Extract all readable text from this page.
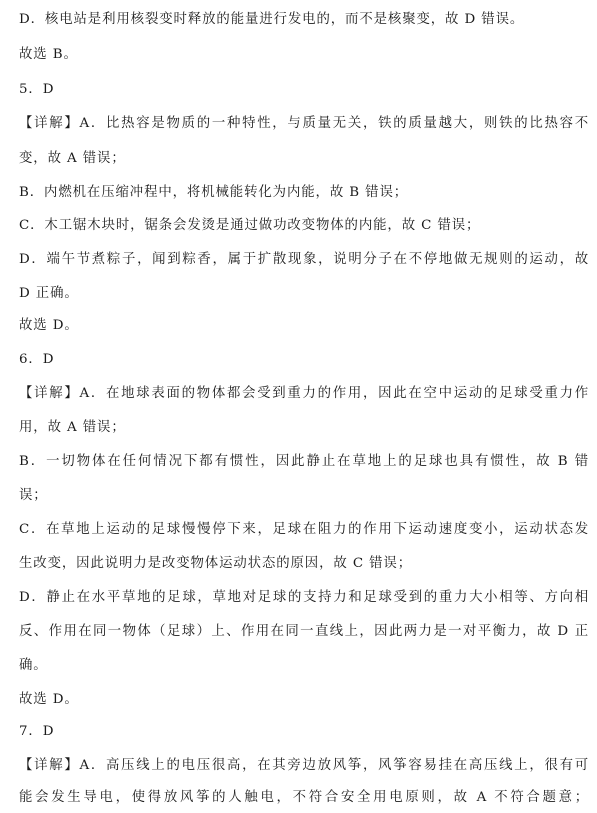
D．核电站是利用核裂变时释放的能量进行发电的，而不是核聚变，故 D 错误。
故选 B。
5．D
【详解】A．比热容是物质的一种特性，与质量无关，铁的质量越大，则铁的比热容不
变，故 A 错误；
B．内燃机在压缩冲程中，将机械能转化为内能，故 B 错误；
C．木工锯木块时，锯条会发烫是通过做功改变物体的内能，故 C 错误；
D．端午节煮粽子，闻到粽香，属于扩散现象，说明分子在不停地做无规则的运动，故
D 正确。
故选 D。
6．D
【详解】A．在地球表面的物体都会受到重力的作用，因此在空中运动的足球受重力作
用，故 A 错误；
B．一切物体在任何情况下都有惯性，因此静止在草地上的足球也具有惯性，故 B 错
误；
C．在草地上运动的足球慢慢停下来，足球在阻力的作用下运动速度变小，运动状态发
生改变，因此说明力是改变物体运动状态的原因，故 C 错误；
D．静止在水平草地的足球，草地对足球的支持力和足球受到的重力大小相等、方向相
反、作用在同一物体（足球）上、作用在同一直线上，因此两力是一对平衡力，故 D 正
确。
故选 D。
7．D
【详解】A．高压线上的电压很高，在其旁边放风筝，风筝容易挂在高压线上，很有可
能会发生导电，使得放风筝的人触电，不符合安全用电原则，故 A 不符合题意；
